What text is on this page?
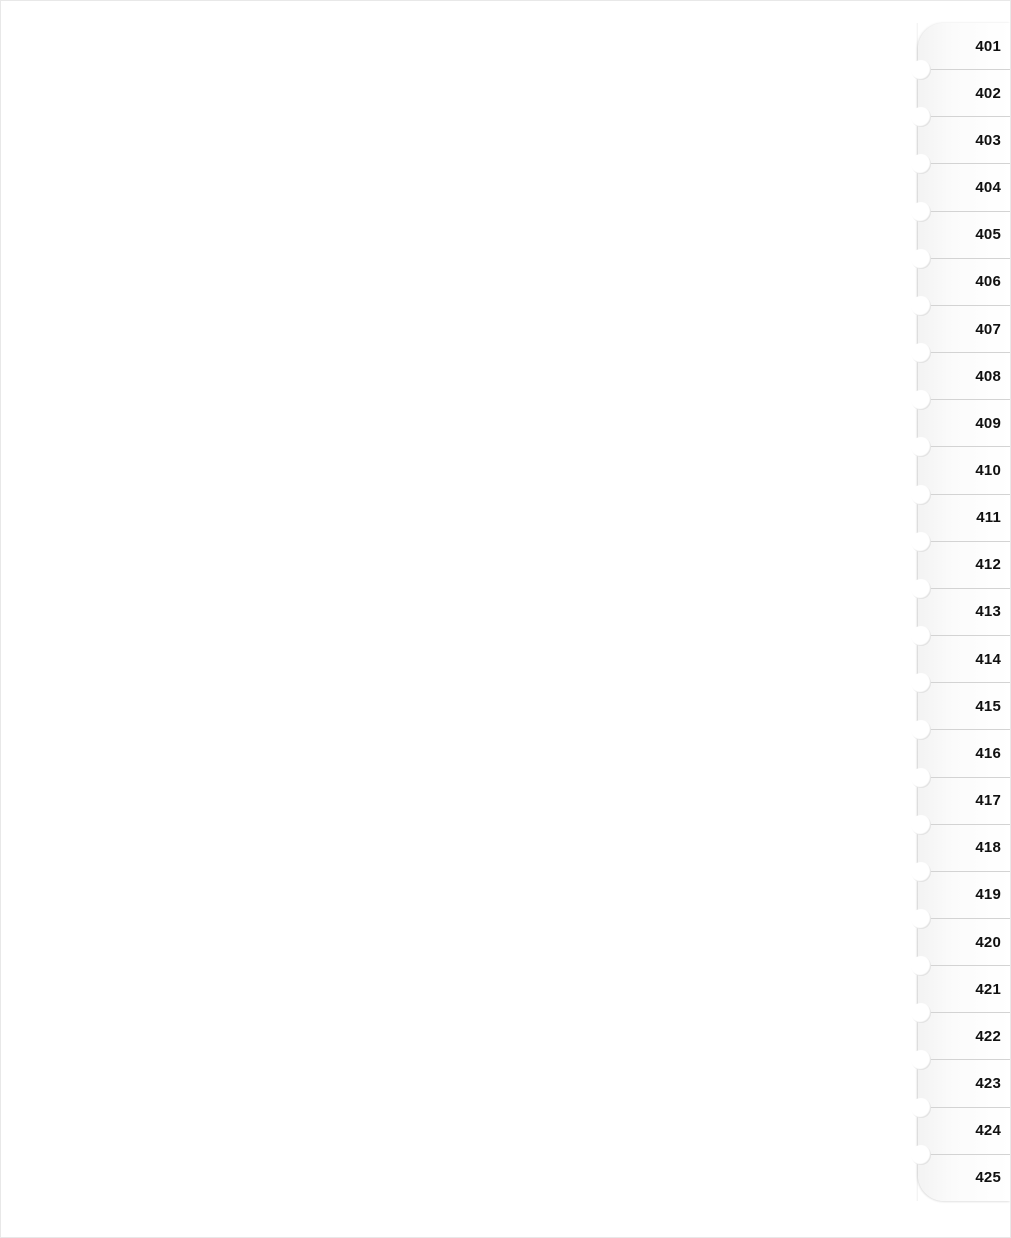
401
402
403
404
405
406
407
408
409
410
411
412
413
414
415
416
417
418
419
420
421
422
423
424
425
